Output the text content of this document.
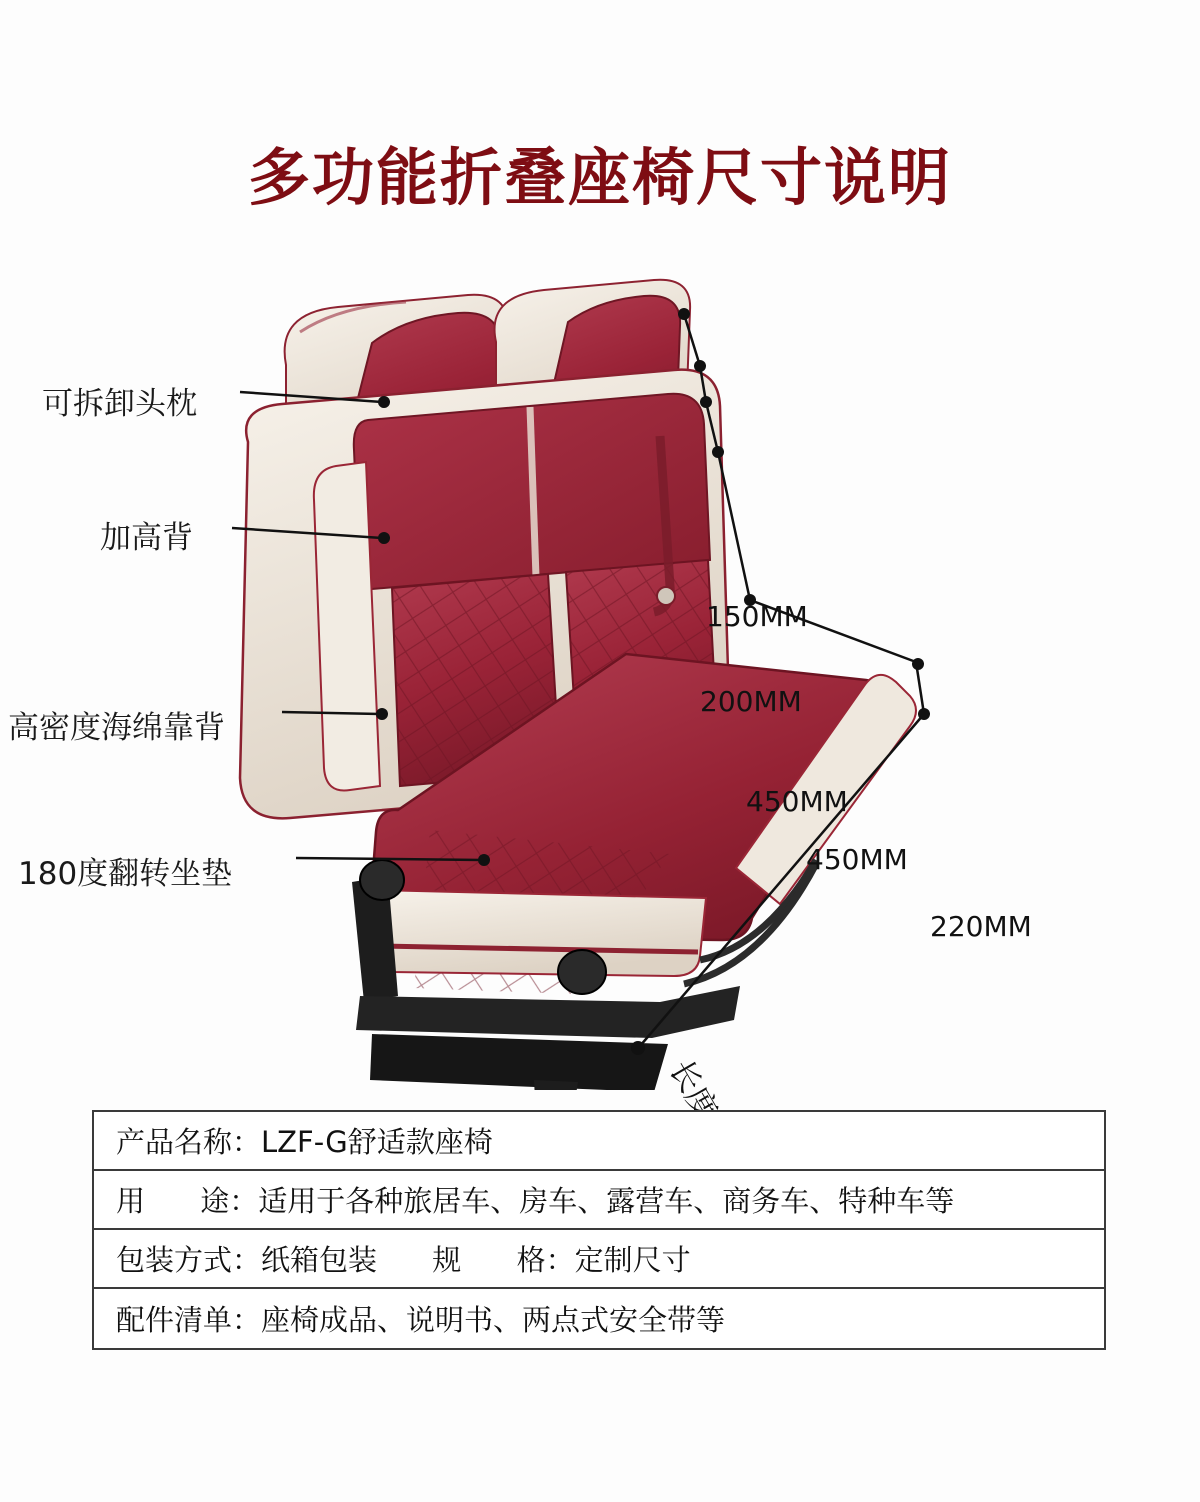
多功能折叠座椅尺寸说明
可拆卸头枕
加高背
高密度海绵靠背
180度翻转坐垫
150MM
200MM
450MM
450MM
220MM
产品名称：LZF-G舒适款座椅
用      途：适用于各种旅居车、房车、露营车、商务车、特种车等
包装方式：纸箱包装      规      格：定制尺寸
配件清单：座椅成品、说明书、两点式安全带等
